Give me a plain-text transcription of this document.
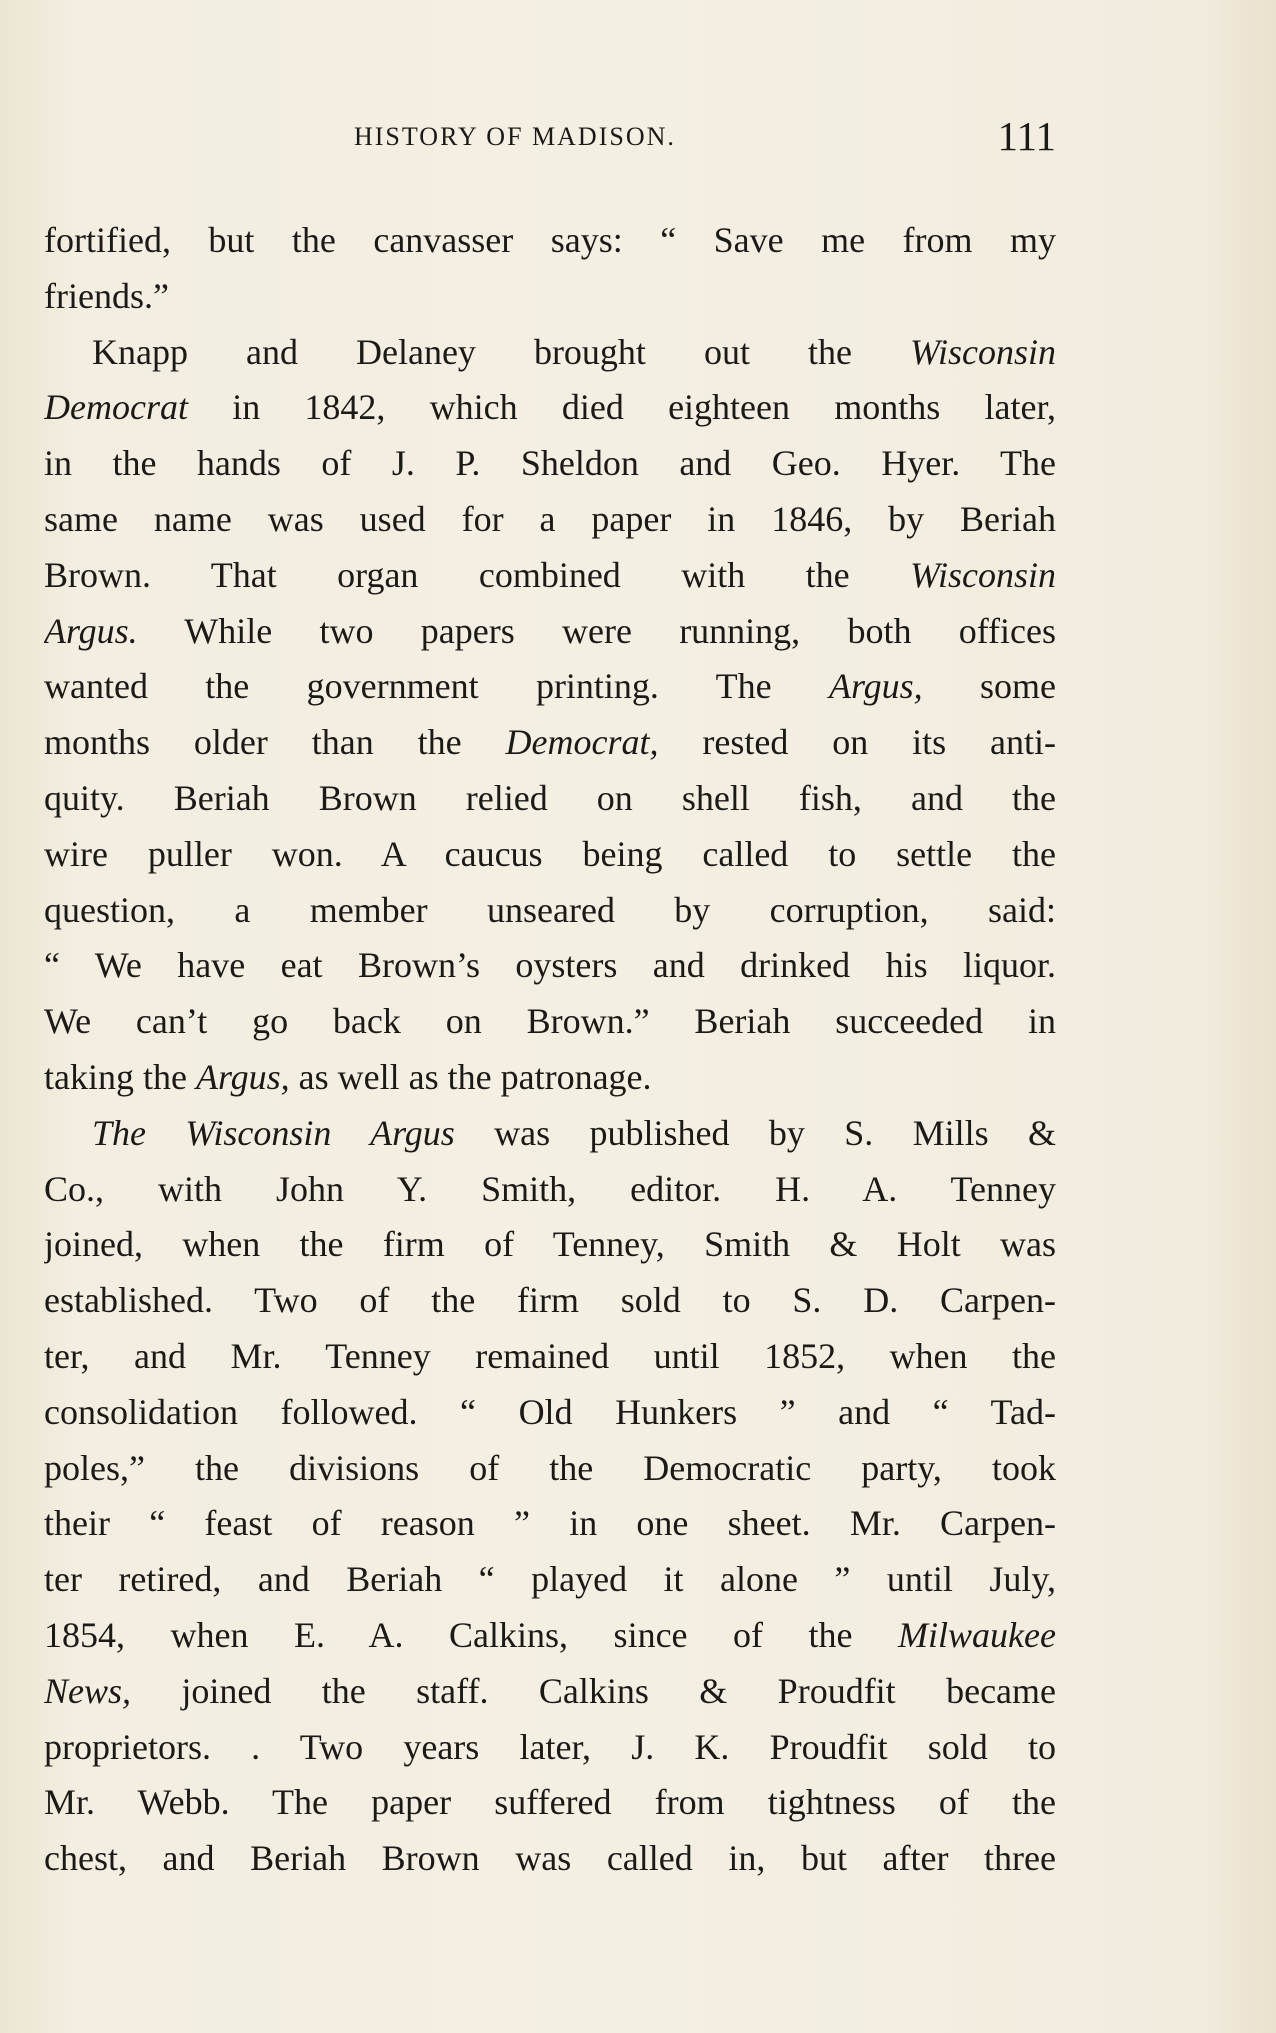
HISTORY OF MADISON.	111
fortified, but the canvasser says: “ Save me from my
friends.”
Knapp and Delaney brought out the Wisconsin
Democrat in 1842, which died eighteen months later,
in the hands of J. P. Sheldon and Geo. Hyer. The
same name was used for a paper in 1846, by Beriah
Brown. That organ combined with the Wisconsin
Argus. While two papers were running, both offices
wanted the government printing. The Argus, some
months older than the Democrat, rested on its anti-
quity. Beriah Brown relied on shell fish, and the
wire puller won. A caucus being called to settle the
question, a member unseared by corruption, said:
“ We have eat Brown’s oysters and drinked his liquor.
We can’t go back on Brown.” Beriah succeeded in
taking the Argus, as well as the patronage.
The Wisconsin Argus was published by S. Mills &
Co., with John Y. Smith, editor. H. A. Tenney
joined, when the firm of Tenney, Smith & Holt was
established. Two of the firm sold to S. D. Carpen-
ter, and Mr. Tenney remained until 1852, when the
consolidation followed. “ Old Hunkers ” and “ Tad-
poles,” the divisions of the Democratic party, took
their “ feast of reason ” in one sheet. Mr. Carpen-
ter retired, and Beriah “ played it alone ” until July,
1854, when E. A. Calkins, since of the Milwaukee
News, joined the staff. Calkins & Proudfit became
proprietors. . Two years later, J. K. Proudfit sold to
Mr. Webb. The paper suffered from tightness of the
chest, and Beriah Brown was called in, but after three
